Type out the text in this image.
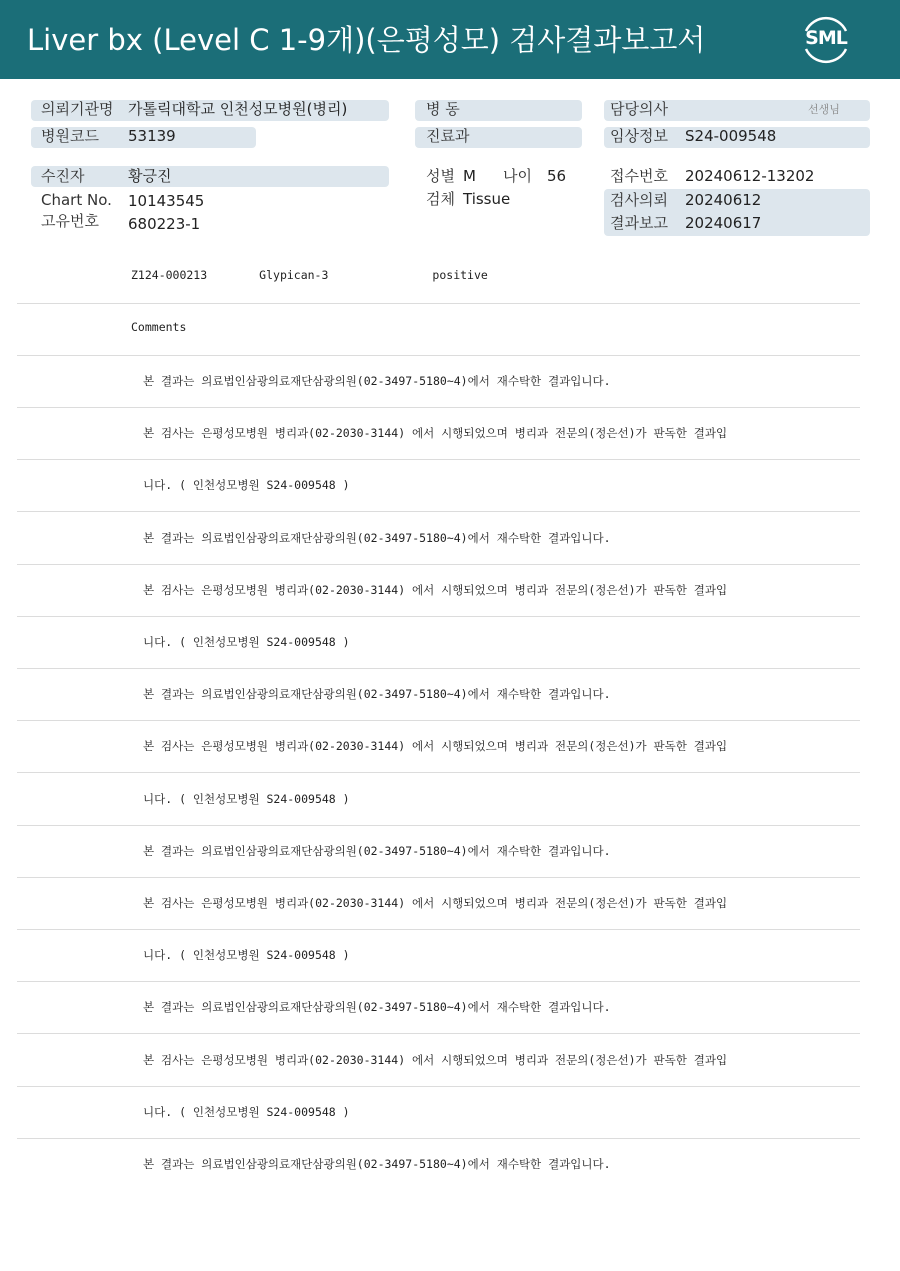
Liver bx (Level C 1-9개)(은평성모) 검사결과보고서	SML
의뢰기관명 가톨릭대학교 인천성모병원(병리)
병원코드 53139
수진자	황긍진
Chart No. 10143545
고유번호 680223-1
병 동
진료과
성별 M 나이 56
검체 Tissue
담당의사	선생님
임상정보 S24-009548
접수번호 20240612-13202
검사의뢰 20240612
결과보고 20240617
Z124-000213	Glypican-3	positive
Comments
본 결과는 의료법인삼광의료재단삼광의원(02-3497-5180~4)에서 재수탁한 결과입니다.
본 검사는 은평성모병원 병리과(02-2030-3144) 에서 시행되었으며 병리과 전문의(정은선)가 판독한 결과입
니다. ( 인천성모병원 S24-009548 )
본 결과는 의료법인삼광의료재단삼광의원(02-3497-5180~4)에서 재수탁한 결과입니다.
본 검사는 은평성모병원 병리과(02-2030-3144) 에서 시행되었으며 병리과 전문의(정은선)가 판독한 결과입
니다. ( 인천성모병원 S24-009548 )
본 결과는 의료법인삼광의료재단삼광의원(02-3497-5180~4)에서 재수탁한 결과입니다.
본 검사는 은평성모병원 병리과(02-2030-3144) 에서 시행되었으며 병리과 전문의(정은선)가 판독한 결과입
니다. ( 인천성모병원 S24-009548 )
본 결과는 의료법인삼광의료재단삼광의원(02-3497-5180~4)에서 재수탁한 결과입니다.
본 검사는 은평성모병원 병리과(02-2030-3144) 에서 시행되었으며 병리과 전문의(정은선)가 판독한 결과입
니다. ( 인천성모병원 S24-009548 )
본 결과는 의료법인삼광의료재단삼광의원(02-3497-5180~4)에서 재수탁한 결과입니다.
본 검사는 은평성모병원 병리과(02-2030-3144) 에서 시행되었으며 병리과 전문의(정은선)가 판독한 결과입
니다. ( 인천성모병원 S24-009548 )
본 결과는 의료법인삼광의료재단삼광의원(02-3497-5180~4)에서 재수탁한 결과입니다.
